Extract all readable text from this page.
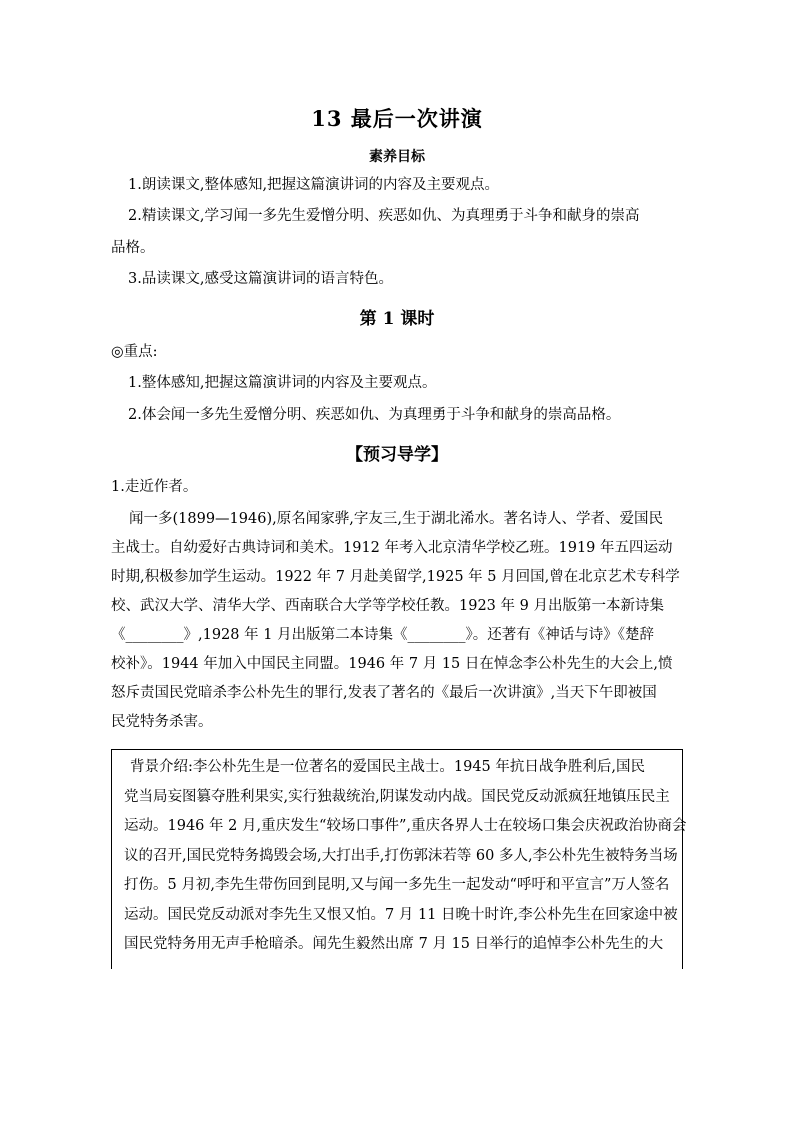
13 最后一次讲演
素养目标
1.朗读课文,整体感知,把握这篇演讲词的内容及主要观点。
2.精读课文,学习闻一多先生爱憎分明、疾恶如仇、为真理勇于斗争和献身的崇高
品格。
3.品读课文,感受这篇演讲词的语言特色。
第 1 课时
◎重点:
1.整体感知,把握这篇演讲词的内容及主要观点。
2.体会闻一多先生爱憎分明、疾恶如仇、为真理勇于斗争和献身的崇高品格。
【预习导学】
1.走近作者。
闻一多(1899—1946),原名闻家骅,字友三,生于湖北浠水。著名诗人、学者、爱国民
主战士。自幼爱好古典诗词和美术。1912 年考入北京清华学校乙班。1919 年五四运动
时期,积极参加学生运动。1922 年 7 月赴美留学,1925 年 5 月回国,曾在北京艺术专科学
校、武汉大学、清华大学、西南联合大学等学校任教。1923 年 9 月出版第一本新诗集
《________》,1928 年 1 月出版第二本诗集《________》。还著有《神话与诗》《楚辞
校补》。1944 年加入中国民主同盟。1946 年 7 月 15 日在悼念李公朴先生的大会上,愤
怒斥责国民党暗杀李公朴先生的罪行,发表了著名的《最后一次讲演》,当天下午即被国
民党特务杀害。
背景介绍:李公朴先生是一位著名的爱国民主战士。1945 年抗日战争胜利后,国民
党当局妄图篡夺胜利果实,实行独裁统治,阴谋发动内战。国民党反动派疯狂地镇压民主
运动。1946 年 2 月,重庆发生“较场口事件”,重庆各界人士在较场口集会庆祝政治协商会
议的召开,国民党特务捣毁会场,大打出手,打伤郭沫若等 60 多人,李公朴先生被特务当场
打伤。5 月初,李先生带伤回到昆明,又与闻一多先生一起发动“呼吁和平宣言”万人签名
运动。国民党反动派对李先生又恨又怕。7 月 11 日晚十时许,李公朴先生在回家途中被
国民党特务用无声手枪暗杀。闻先生毅然出席 7 月 15 日举行的追悼李公朴先生的大
